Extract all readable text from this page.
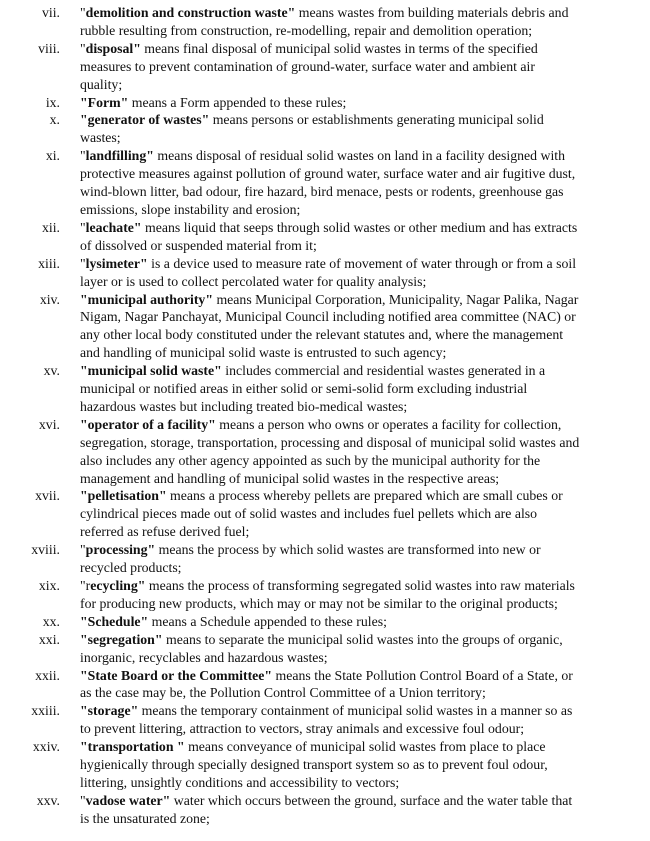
vii.	"demolition and construction waste" means wastes from building materials debris and rubble resulting from construction, re-modelling, repair and demolition operation;
viii.	"disposal" means final disposal of municipal solid wastes in terms of the specified measures to prevent contamination of ground-water, surface water and ambient air quality;
ix.	"Form" means a Form appended to these rules;
x.	"generator of wastes" means persons or establishments generating municipal solid wastes;
xi.	"landfilling" means disposal of residual solid wastes on land in a facility designed with protective measures against pollution of ground water, surface water and air fugitive dust, wind-blown litter, bad odour, fire hazard, bird menace, pests or rodents, greenhouse gas emissions, slope instability and erosion;
xii.	"leachate" means liquid that seeps through solid wastes or other medium and has extracts of dissolved or suspended material from it;
xiii.	"lysimeter" is a device used to measure rate of movement of water through or from a soil layer or is used to collect percolated water for quality analysis;
xiv.	"municipal authority" means Municipal Corporation, Municipality, Nagar Palika, Nagar Nigam, Nagar Panchayat, Municipal Council including notified area committee (NAC) or any other local body constituted under the relevant statutes and, where the management and handling of municipal solid waste is entrusted to such agency;
xv.	"municipal solid waste" includes commercial and residential wastes generated in a municipal or notified areas in either solid or semi-solid form excluding industrial hazardous wastes but including treated bio-medical wastes;
xvi.	"operator of a facility" means a person who owns or operates a facility for collection, segregation, storage, transportation, processing and disposal of municipal solid wastes and also includes any other agency appointed as such by the municipal authority for the management and handling of municipal solid wastes in the respective areas;
xvii.	"pelletisation" means a process whereby pellets are prepared which are small cubes or cylindrical pieces made out of solid wastes and includes fuel pellets which are also referred as refuse derived fuel;
xviii.	"processing" means the process by which solid wastes are transformed into new or recycled products;
xix.	"recycling" means the process of transforming segregated solid wastes into raw materials for producing new products, which may or may not be similar to the original products;
xx.	"Schedule" means a Schedule appended to these rules;
xxi.	"segregation" means to separate the municipal solid wastes into the groups of organic, inorganic, recyclables and hazardous wastes;
xxii.	"State Board or the Committee" means the State Pollution Control Board of a State, or as the case may be, the Pollution Control Committee of a Union territory;
xxiii.	"storage" means the temporary containment of municipal solid wastes in a manner so as to prevent littering, attraction to vectors, stray animals and excessive foul odour;
xxiv.	"transportation " means conveyance of municipal solid wastes from place to place hygienically through specially designed transport system so as to prevent foul odour, littering, unsightly conditions and accessibility to vectors;
xxv.	"vadose water" water which occurs between the ground, surface and the water table that is the unsaturated zone;
